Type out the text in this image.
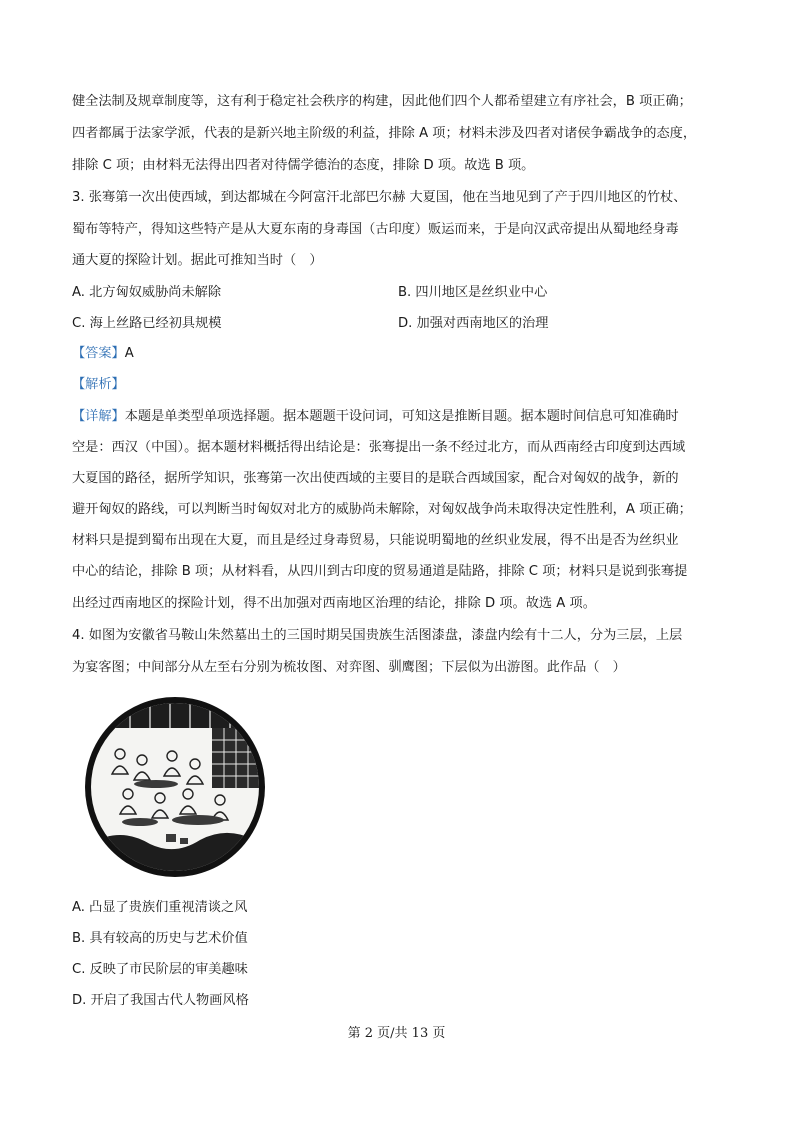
健全法制及规章制度等，这有利于稳定社会秩序的构建，因此他们四个人都希望建立有序社会，B 项正确；
四者都属于法家学派，代表的是新兴地主阶级的利益，排除 A 项；材料未涉及四者对诸侯争霸战争的态度，
排除 C 项；由材料无法得出四者对待儒学德治的态度，排除 D 项。故选 B 项。
3. 张骞第一次出使西域，到达都城在今阿富汗北部巴尔赫 大夏国，他在当地见到了产于四川地区的竹杖、
蜀布等特产，得知这些特产是从大夏东南的身毒国（古印度）贩运而来，于是向汉武帝提出从蜀地经身毒
通大夏的探险计划。据此可推知当时（　）
A. 北方匈奴威胁尚未解除	B. 四川地区是丝织业中心
C. 海上丝路已经初具规模	D. 加强对西南地区的治理
【答案】A
【解析】
【详解】本题是单类型单项选择题。据本题题干设问词，可知这是推断目题。据本题时间信息可知准确时
空是：西汉（中国）。据本题材料概括得出结论是：张骞提出一条不经过北方，而从西南经古印度到达西域
大夏国的路径，据所学知识，张骞第一次出使西域的主要目的是联合西域国家，配合对匈奴的战争，新的
避开匈奴的路线，可以判断当时匈奴对北方的威胁尚未解除，对匈奴战争尚未取得决定性胜利，A 项正确；
材料只是提到蜀布出现在大夏，而且是经过身毒贸易，只能说明蜀地的丝织业发展，得不出是否为丝织业
中心的结论，排除 B 项；从材料看，从四川到古印度的贸易通道是陆路，排除 C 项；材料只是说到张骞提
出经过西南地区的探险计划，得不出加强对西南地区治理的结论，排除 D 项。故选 A 项。
4. 如图为安徽省马鞍山朱然墓出土的三国时期吴国贵族生活图漆盘，漆盘内绘有十二人，分为三层，上层
为宴客图；中间部分从左至右分别为梳妆图、对弈图、驯鹰图；下层似为出游图。此作品（　）
A. 凸显了贵族们重视清谈之风
B. 具有较高的历史与艺术价值
C. 反映了市民阶层的审美趣味
D. 开启了我国古代人物画风格
第 2 页/共 13 页
